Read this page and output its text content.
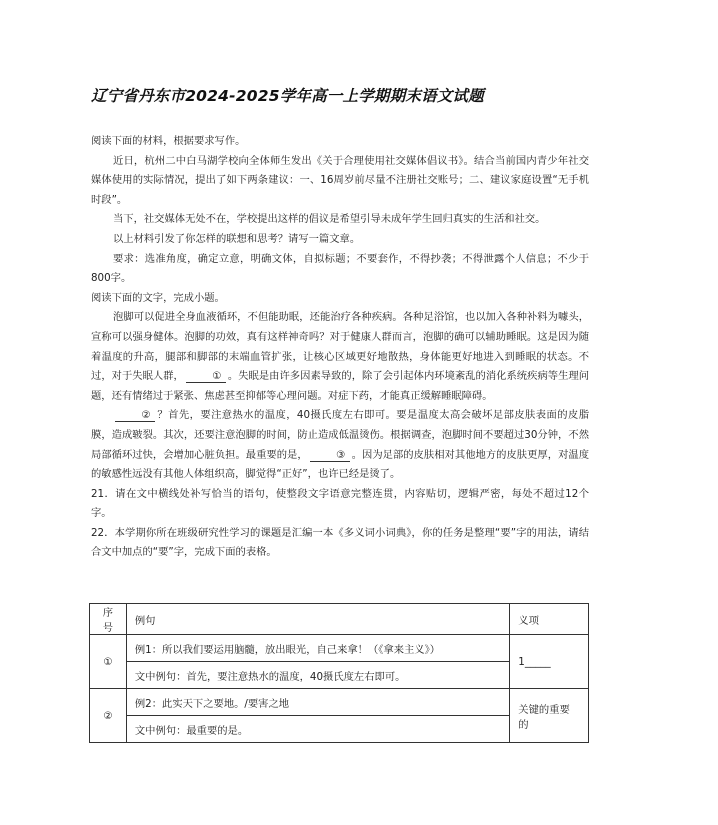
辽宁省丹东市2024-2025学年高一上学期期末语文试题

阅读下面的材料，根据要求写作。

近日，杭州二中白马湖学校向全体师生发出《关于合理使用社交媒体倡议书》。结合当前国内青少年社交媒体使用的实际情况，提出了如下两条建议：一、16周岁前尽量不注册社交账号；二、建议家庭设置“无手机时段”。

当下，社交媒体无处不在，学校提出这样的倡议是希望引导未成年学生回归真实的生活和社交。

以上材料引发了你怎样的联想和思考？请写一篇文章。

要求：选准角度，确定立意，明确文体，自拟标题；不要套作，不得抄袭；不得泄露个人信息；不少于800字。

阅读下面的文字，完成小题。

泡脚可以促进全身血液循环，不但能助眠，还能治疗各种疾病。各种足浴馆，也以加入各种补料为噱头，宣称可以强身健体。泡脚的功效，真有这样神奇吗？对于健康人群而言，泡脚的确可以辅助睡眠。这是因为随着温度的升高，腿部和脚部的末端血管扩张，让核心区域更好地散热，身体能更好地进入到睡眠的状态。不过，对于失眠人群，	① 。失眠是由许多因素导致的，除了会引起体内环境紊乱的消化系统疾病等生理问题，还有情绪过于紧张、焦虑甚至抑郁等心理问题。对症下药，才能真正缓解睡眠障碍。

② ？首先，要注意热水的温度，40摄氏度左右即可。要是温度太高会破坏足部皮肤表面的皮脂膜，造成皲裂。其次，还要注意泡脚的时间，防止造成低温烫伤。根据调查，泡脚时间不要超过30分钟，不然局部循环过快，会增加心脏负担。最重要的是，	③ 。因为足部的皮肤相对其他地方的皮肤更厚，对温度的敏感性远没有其他人体组织高，脚觉得“正好”，也许已经是烫了。

21．请在文中横线处补写恰当的语句，使整段文字语意完整连贯，内容贴切，逻辑严密，每处不超过12个字。

22．本学期你所在班级研究性学习的课题是汇编一本《多义词小词典》，你的任务是整理“要”字的用法，请结合文中加点的“要”字，完成下面的表格。

序号	例句	义项
①	例1：所以我们要运用脑髓，放出眼光，自己来拿！（《拿来主义》）	1_____
	文中例句：首先，要注意热水的温度，40摄氏度左右即可。	
②	例2：此实天下之要地。/要害之地	关键的重要的
	文中例句：最重要的是。	
